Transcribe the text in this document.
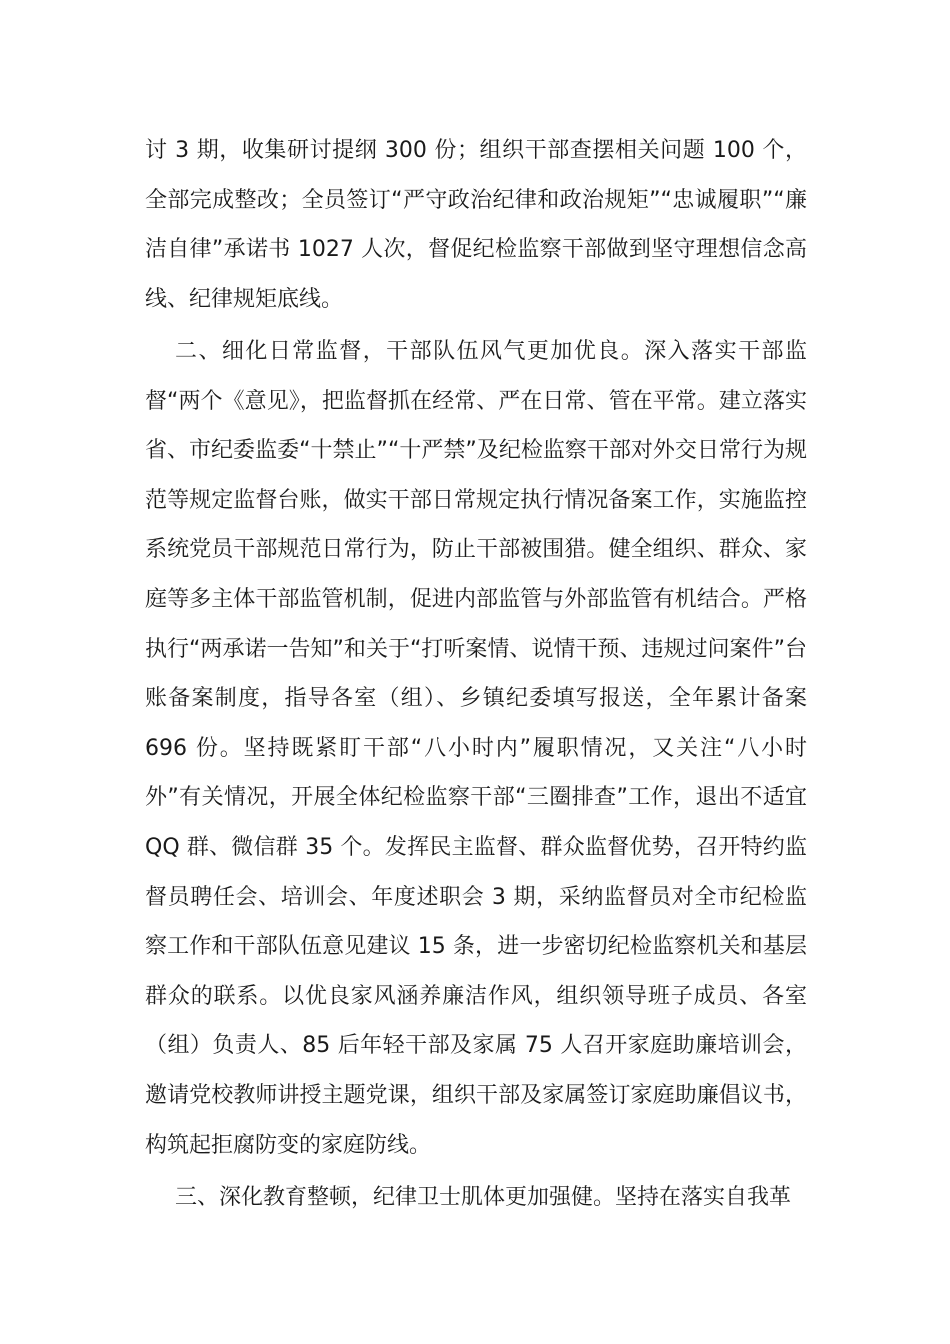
讨 3 期，收集研讨提纲 300 份；组织干部查摆相关问题 100 个，全部完成整改；全员签订“严守政治纪律和政治规矩”“忠诚履职”“廉洁自律”承诺书 1027 人次，督促纪检监察干部做到坚守理想信念高线、纪律规矩底线。

二、细化日常监督，干部队伍风气更加优良。深入落实干部监督“两个《意见》，把监督抓在经常、严在日常、管在平常。建立落实省、市纪委监委“十禁止”“十严禁”及纪检监察干部对外交日常行为规范等规定监督台账，做实干部日常规定执行情况备案工作，实施监控系统党员干部规范日常行为，防止干部被围猎。健全组织、群众、家庭等多主体干部监管机制，促进内部监管与外部监管有机结合。严格执行“两承诺一告知”和关于“打听案情、说情干预、违规过问案件”台账备案制度，指导各室（组）、乡镇纪委填写报送，全年累计备案 696 份。坚持既紧盯干部“八小时内”履职情况，又关注“八小时外”有关情况，开展全体纪检监察干部“三圈排查”工作，退出不适宜 QQ 群、微信群 35 个。发挥民主监督、群众监督优势，召开特约监督员聘任会、培训会、年度述职会 3 期，采纳监督员对全市纪检监察工作和干部队伍意见建议 15 条，进一步密切纪检监察机关和基层群众的联系。以优良家风涵养廉洁作风，组织领导班子成员、各室（组）负责人、85 后年轻干部及家属 75 人召开家庭助廉培训会，邀请党校教师讲授主题党课，组织干部及家属签订家庭助廉倡议书，构筑起拒腐防变的家庭防线。

三、深化教育整顿，纪律卫士肌体更加强健。坚持在落实自我革
